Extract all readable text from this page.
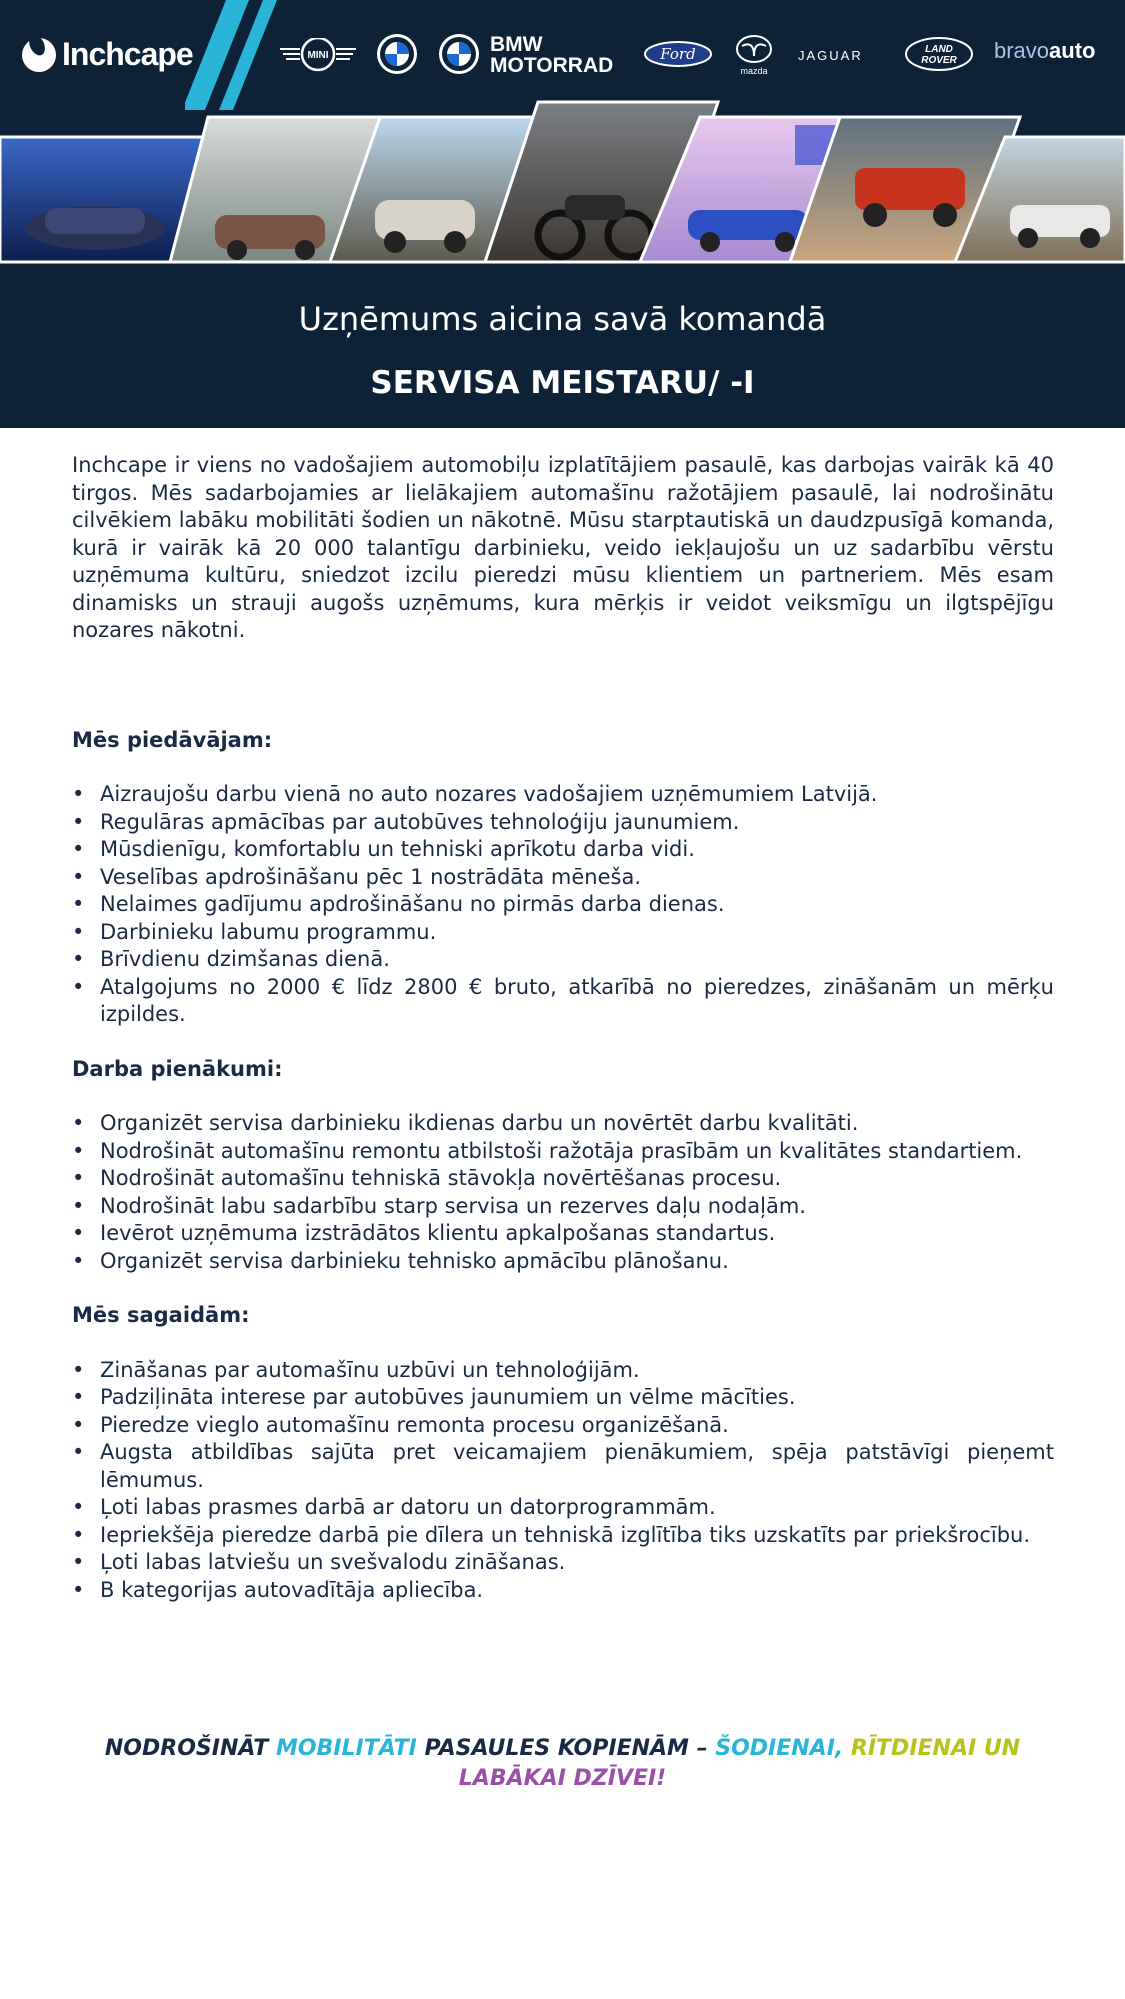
Inchcape	MINI	BMW
MOTORRAD	Ford
mazda
JAGUAR	LAND
ROVER bravoauto
Uzņēmums aicina savā komandā
SERVISA MEISTARU/ -I

Inchcape ir viens no vadošajiem automobiļu izplatītājiem pasaulē, kas darbojas vairāk kā 40 tirgos. Mēs sadarbojamies ar lielākajiem automašīnu ražotājiem pasaulē, lai nodrošinātu cilvēkiem labāku mobilitāti šodien un nākotnē. Mūsu starptautiskā un daudzpusīgā komanda, kurā ir vairāk kā 20 000 talantīgu darbinieku, veido iekļaujošu un uz sadarbību vērstu uzņēmuma kultūru, sniedzot izcilu pieredzi mūsu klientiem un partneriem. Mēs esam dinamisks un strauji augošs uzņēmums, kura mērķis ir veidot veiksmīgu un ilgtspējīgu nozares nākotni.

Mēs piedāvājam:
• Aizraujošu darbu vienā no auto nozares vadošajiem uzņēmumiem Latvijā.
• Regulāras apmācības par autobūves tehnoloģiju jaunumiem.
• Mūsdienīgu, komfortablu un tehniski aprīkotu darba vidi.
• Veselības apdrošināšanu pēc 1 nostrādāta mēneša.
• Nelaimes gadījumu apdrošināšanu no pirmās darba dienas.
• Darbinieku labumu programmu.
• Brīvdienu dzimšanas dienā.
• Atalgojums no 2000 € līdz 2800 € bruto, atkarībā no pieredzes, zināšanām un mērķu izpildes.
Darba pienākumi:
• Organizēt servisa darbinieku ikdienas darbu un novērtēt darbu kvalitāti.
• Nodrošināt automašīnu remontu atbilstoši ražotāja prasībām un kvalitātes standartiem.
• Nodrošināt automašīnu tehniskā stāvokļa novērtēšanas procesu.
• Nodrošināt labu sadarbību starp servisa un rezerves daļu nodaļām.
• Ievērot uzņēmuma izstrādātos klientu apkalpošanas standartus.
• Organizēt servisa darbinieku tehnisko apmācību plānošanu.
Mēs sagaidām:
• Zināšanas par automašīnu uzbūvi un tehnoloģijām.
• Padziļināta interese par autobūves jaunumiem un vēlme mācīties.
• Pieredze vieglo automašīnu remonta procesu organizēšanā.
• Augsta atbildības sajūta pret veicamajiem pienākumiem, spēja patstāvīgi pieņemt lēmumus.
• Ļoti labas prasmes darbā ar datoru un datorprogrammām.
• Iepriekšēja pieredze darbā pie dīlera un tehniskā izglītība tiks uzskatīts par priekšrocību.
• Ļoti labas latviešu un svešvalodu zināšanas.
• B kategorijas autovadītāja apliecība.
NODROŠINĀT MOBILITĀTI PASAULES KOPIENĀM – ŠODIENAI, RĪTDIENAI UN
LABĀKAI DZĪVEI!
